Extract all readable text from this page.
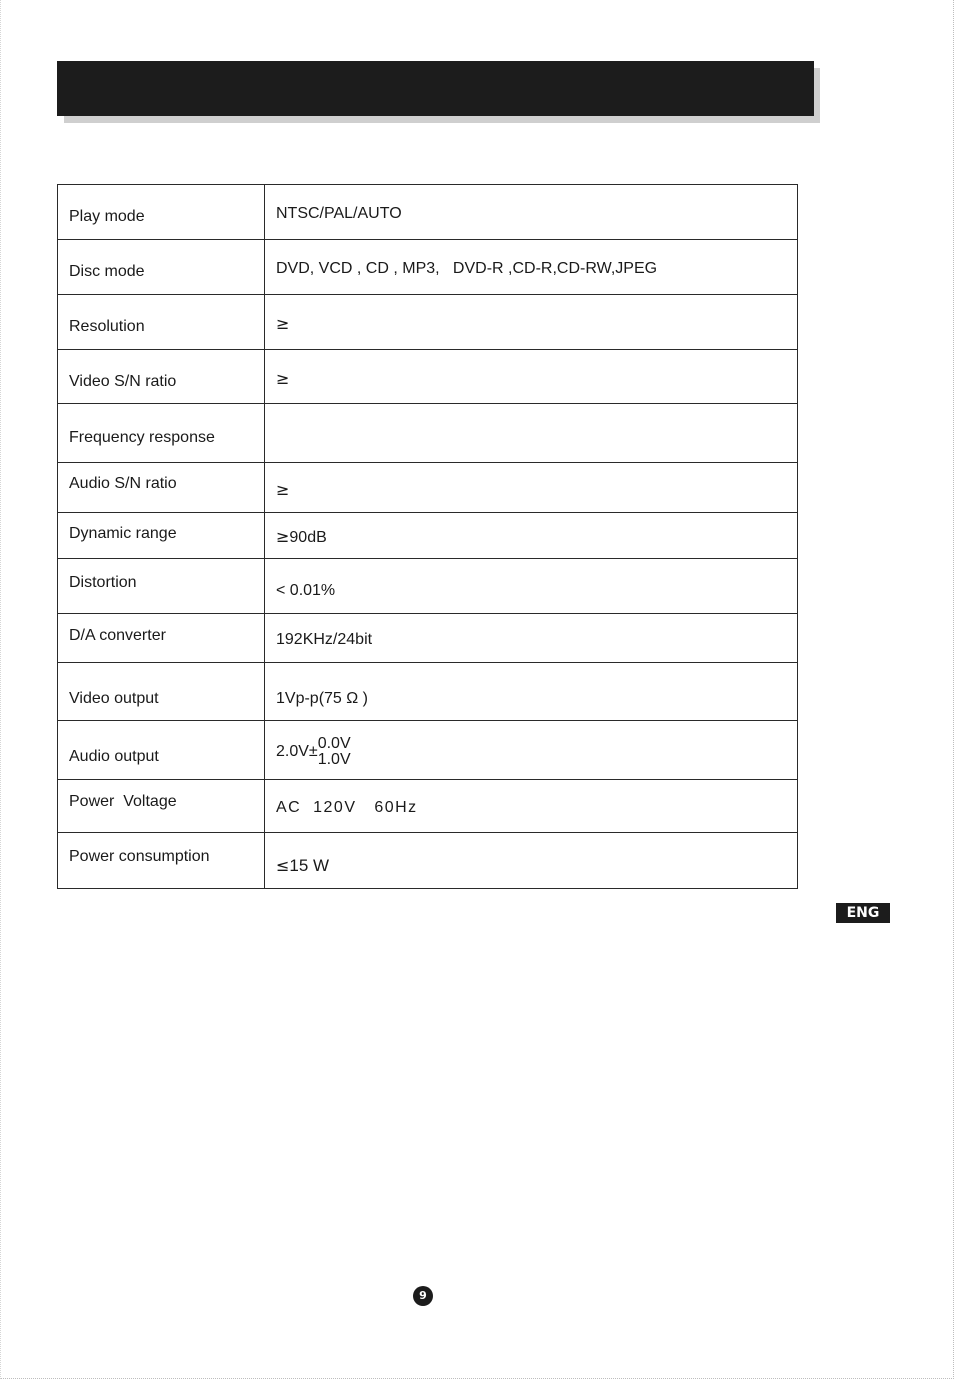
Play mode	NTSC/PAL/AUTO
Disc mode	DVD, VCD , CD , MP3,   DVD-R ,CD-R,CD-RW,JPEG
Resolution	≥
Video S/N ratio	≥
Frequency response	
Audio S/N ratio	≥
Dynamic range	≥90dB
Distortion	< 0.01%
D/A converter	192KHz/24bit
Video output	1Vp-p(75 Ω )
Audio output	2.0V± 0.0V
1.0V

Power  Voltage	AC  120V   60Hz
Power consumption	≤15 W
ENG
9
